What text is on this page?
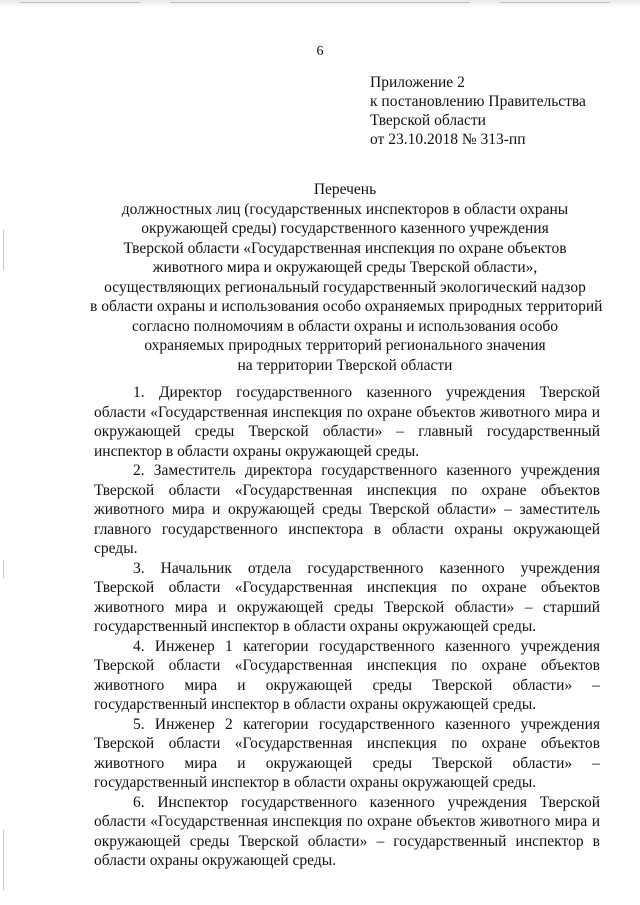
6
Приложение 2
к постановлению Правительства
Тверской области
от 23.10.2018 № 313-пп
Перечень
должностных лиц (государственных инспекторов в области охраны
окружающей среды) государственного казенного учреждения
Тверской области «Государственная инспекция по охране объектов
животного мира и окружающей среды Тверской области»,
осуществляющих региональный государственный экологический надзор
в области охраны и использования особо охраняемых природных территорий
согласно полномочиям в области охраны и использования особо
охраняемых природных территорий регионального значения
на территории Тверской области

1. Директор государственного казенного учреждения Тверской области «Государственная инспекция по охране объектов животного мира и окружающей среды Тверской области» – главный государственный инспектор в области охраны окружающей среды.

2. Заместитель директора государственного казенного учреждения Тверской области «Государственная инспекция по охране объектов животного мира и окружающей среды Тверской области» – заместитель главного государственного инспектора в области охраны окружающей среды.

3. Начальник отдела государственного казенного учреждения Тверской области «Государственная инспекция по охране объектов животного мира и окружающей среды Тверской области» – старший государственный инспектор в области охраны окружающей среды.

4. Инженер 1 категории государственного казенного учреждения Тверской области «Государственная инспекция по охране объектов животного мира и окружающей среды Тверской области» – государственный инспектор в области охраны окружающей среды.

5. Инженер 2 категории государственного казенного учреждения Тверской области «Государственная инспекция по охране объектов животного мира и окружающей среды Тверской области» – государственный инспектор в области охраны окружающей среды.

6. Инспектор государственного казенного учреждения Тверской области «Государственная инспекция по охране объектов животного мира и окружающей среды Тверской области» – государственный инспектор в области охраны окружающей среды.
